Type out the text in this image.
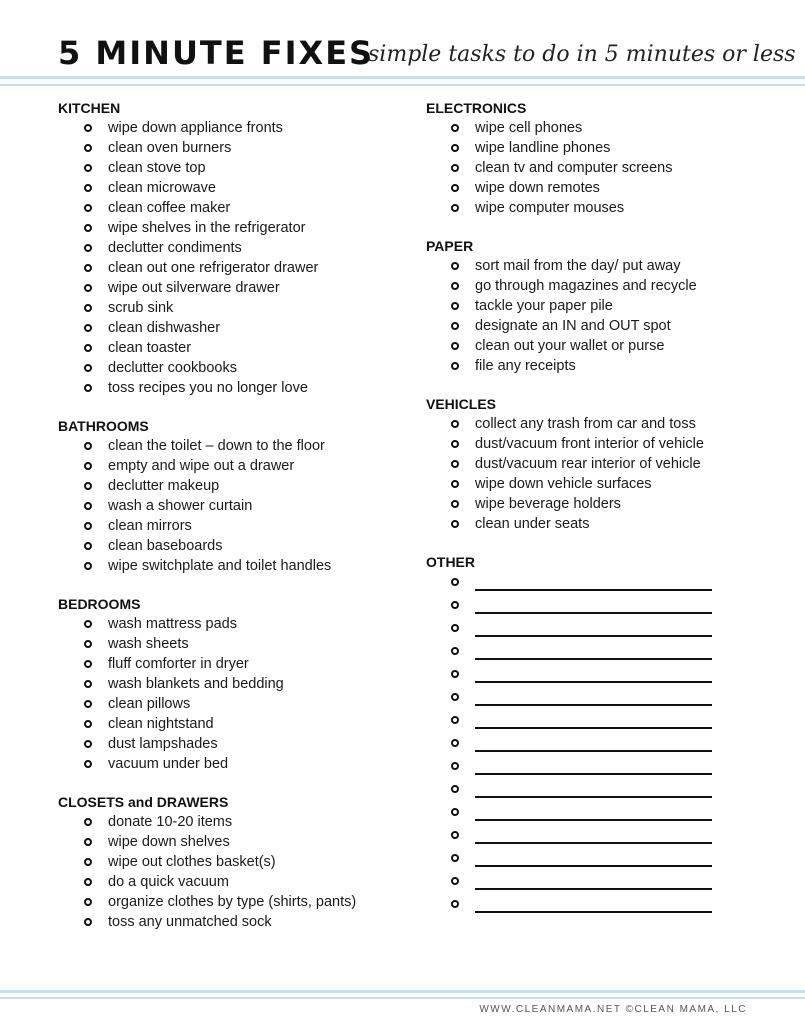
5 MINUTE FIXES
simple tasks to do in 5 minutes or less
KITCHEN
wipe down appliance fronts
clean oven burners
clean stove top
clean microwave
clean coffee maker
wipe shelves in the refrigerator
declutter condiments
clean out one refrigerator drawer
wipe out silverware drawer
scrub sink
clean dishwasher
clean toaster
declutter cookbooks
toss recipes you no longer love
BATHROOMS
clean the toilet – down to the floor
empty and wipe out a drawer
declutter makeup
wash a shower curtain
clean mirrors
clean baseboards
wipe switchplate and toilet handles
BEDROOMS
wash mattress pads
wash sheets
fluff comforter in dryer
wash blankets and bedding
clean pillows
clean nightstand
dust lampshades
vacuum under bed
CLOSETS and DRAWERS
donate 10-20 items
wipe down shelves
wipe out clothes basket(s)
do a quick vacuum
organize clothes by type (shirts, pants)
toss any unmatched sock
ELECTRONICS
wipe cell phones
wipe landline phones
clean tv and computer screens
wipe down remotes
wipe computer mouses
PAPER
sort mail from the day/ put away
go through magazines and recycle
tackle your paper pile
designate an IN and OUT spot
clean out your wallet or purse
file any receipts
VEHICLES
collect any trash from car and toss
dust/vacuum front interior of vehicle
dust/vacuum rear interior of vehicle
wipe down vehicle surfaces
wipe beverage holders
clean under seats
OTHER
WWW.CLEANMAMA.NET ©CLEAN MAMA, LLC
